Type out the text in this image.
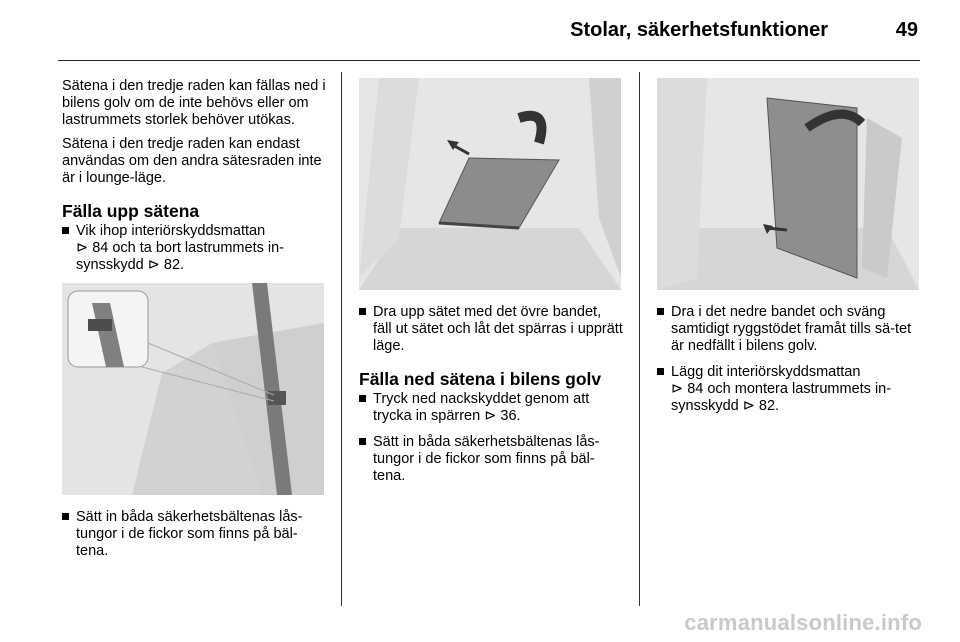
Stolar, säkerhetsfunktioner	49

Sätena i den tredje raden kan fällas ned i bilens golv om de inte behövs eller om lastrummets storlek behöver utökas.

Sätena i den tredje raden kan endast användas om den andra sätesraden inte är i lounge-läge.

Fälla upp sätena
Vik ihop interiörskyddsmattan
⊳ 84 och ta bort lastrummets in-synsskydd ⊳ 82.
Sätt in båda säkerhetsbältenas lås-tungor i de fickor som finns på bäl-tena.
Dra upp sätet med det övre bandet, fäll ut sätet och låt det spärras i upprätt läge.
Fälla ned sätena i bilens golv
Tryck ned nackskyddet genom att trycka in spärren ⊳ 36.
Sätt in båda säkerhetsbältenas lås-tungor i de fickor som finns på bäl-tena.
Dra i det nedre bandet och sväng samtidigt ryggstödet framåt tills sä-tet är nedfällt i bilens golv.
Lägg dit interiörskyddsmattan
⊳ 84 och montera lastrummets in-synsskydd ⊳ 82.
carmanualsonline.info
